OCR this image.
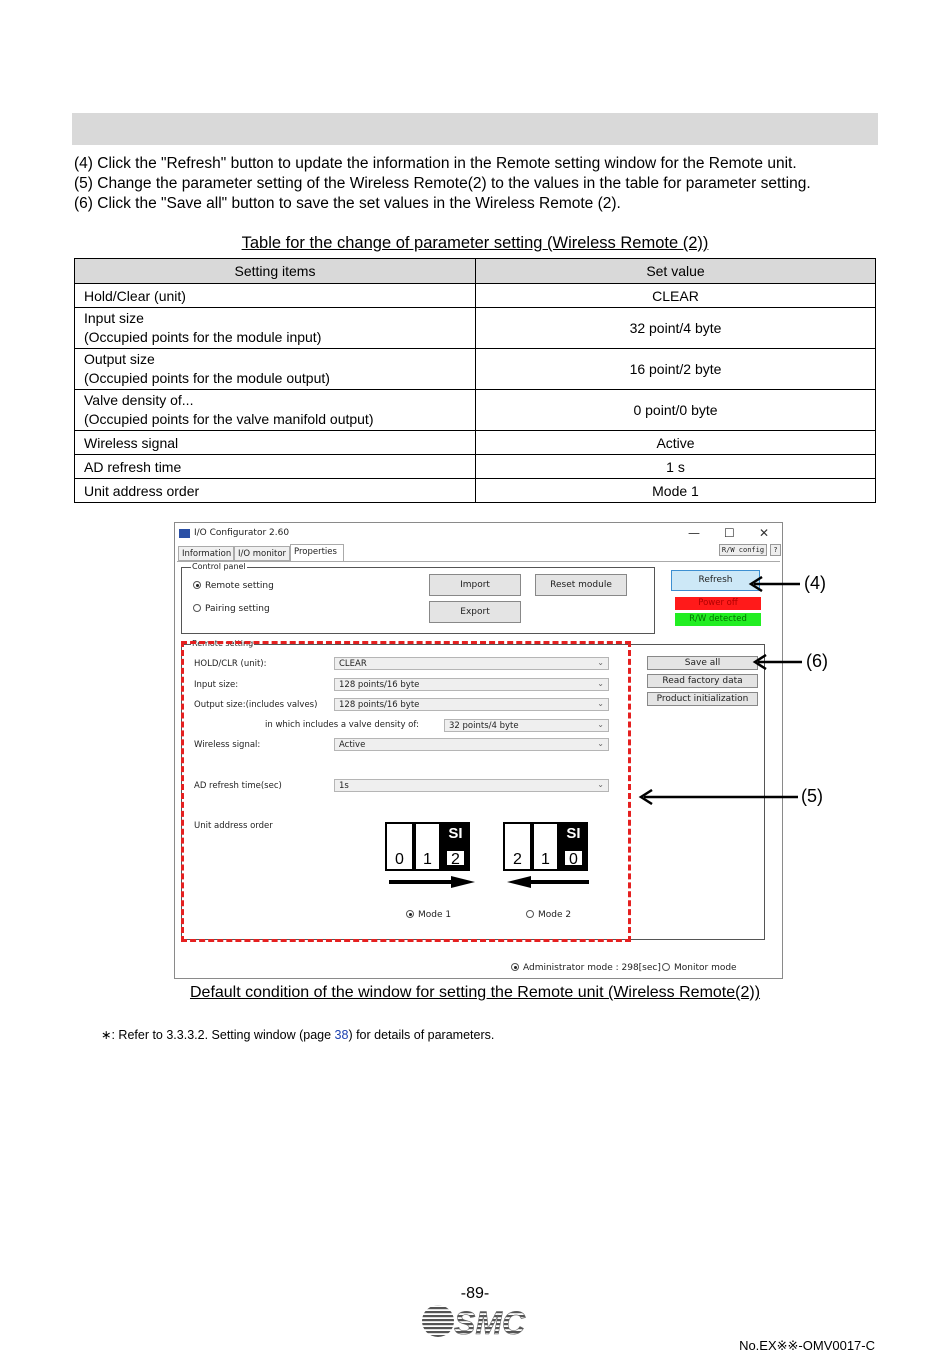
(4) Click the "Refresh" button to update the information in the Remote setting window for the Remote unit.
(5) Change the parameter setting of the Wireless Remote(2) to the values in the table for parameter setting.
(6) Click the "Save all" button to save the set values in the Wireless Remote (2).
Table for the change of parameter setting (Wireless Remote (2))
Setting items	Set value
Hold/Clear (unit)	CLEAR

Input size
(Occupied points for the module input)	32 point/4 byte

Output size
(Occupied points for the module output)	16 point/2 byte

Valve density of...
(Occupied points for the valve manifold output)	0 point/0 byte
Wireless signal	Active
AD refresh time	1 s
Unit address order	Mode 1
I/O Configurator 2.60	— ☐ ✕
Information I/O monitor Properties	R/W config	?
Control panel
Remote setting
Pairing setting
Import
Export
Reset module	Refresh
Power off
R/W detected
Remote setting
HOLD/CLR (unit):	CLEAR	⌄
Input size:	128 points/16 byte	⌄
Output size:(includes valves)	128 points/16 byte	⌄
in which includes a valve density of:	32 points/4 byte	⌄
Wireless signal:	Active	⌄
AD refresh time(sec)	1s	⌄
Unit address order
0	1
SI
2	2	1
SI
0
Mode 1	Mode 2
Save all
Read factory data
Product initialization
Administrator mode : 298[sec]	Monitor mode
(4)
(6)
(5)
Default condition of the window for setting the Remote unit (Wireless Remote(2))
∗: Refer to 3.3.3.2. Setting window (page 38) for details of parameters.
-89-
SMC
No.EX※※-OMV0017-C
